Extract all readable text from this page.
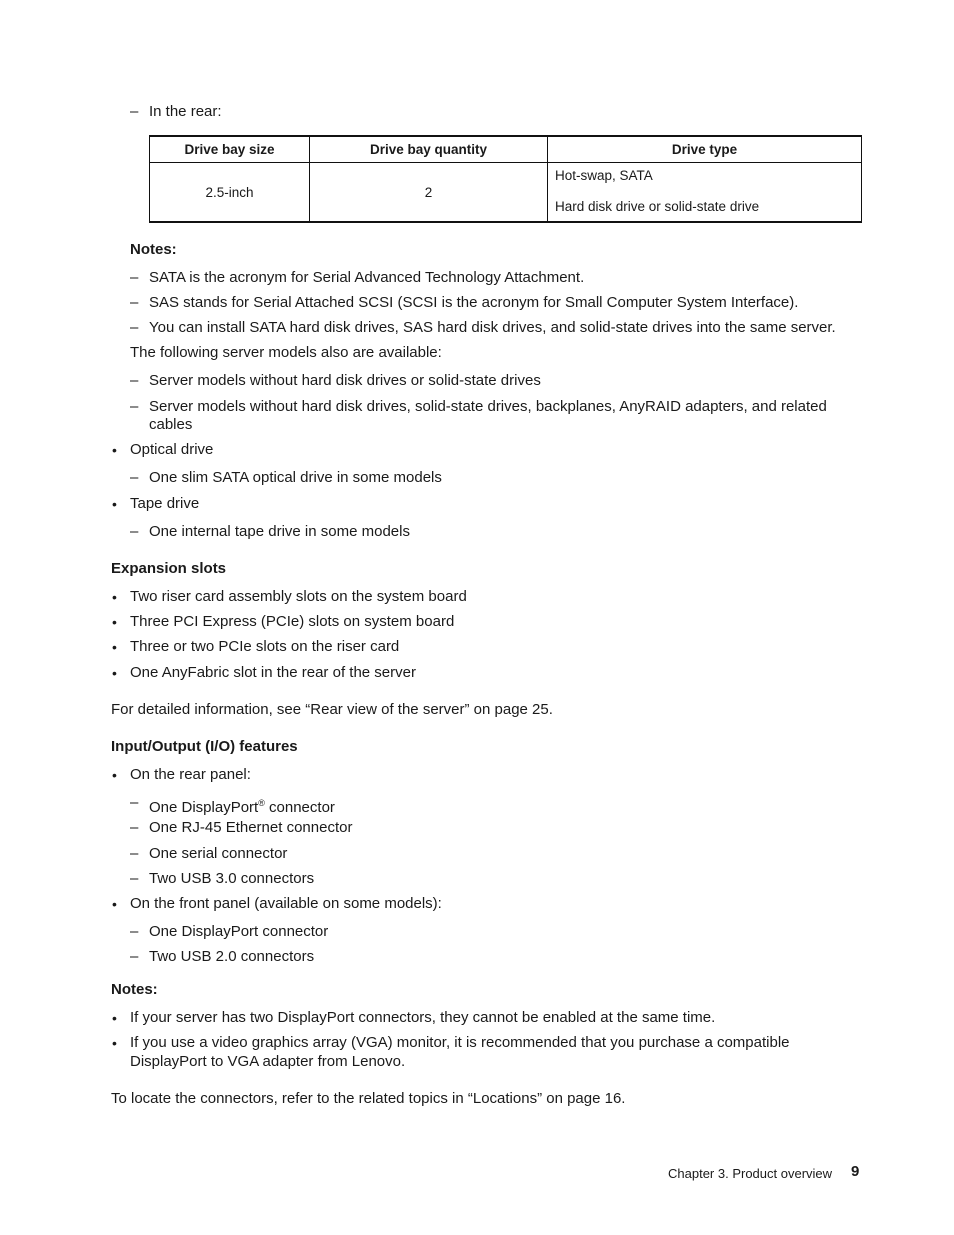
– In the rear:
Drive bay size	Drive bay quantity	Drive type
2.5-inch	2	Hot-swap, SATA
Hard disk drive or solid-state drive
Notes:
– SATA is the acronym for Serial Advanced Technology Attachment.
– SAS stands for Serial Attached SCSI (SCSI is the acronym for Small Computer System Interface).
– You can install SATA hard disk drives, SAS hard disk drives, and solid-state drives into the same server.
The following server models also are available:
– Server models without hard disk drives or solid-state drives
– Server models without hard disk drives, solid-state drives, backplanes, AnyRAID adapters, and related
cables
• Optical drive
– One slim SATA optical drive in some models
• Tape drive
– One internal tape drive in some models
Expansion slots
• Two riser card assembly slots on the system board
• Three PCI Express (PCIe) slots on system board
• Three or two PCIe slots on the riser card
• One AnyFabric slot in the rear of the server
For detailed information, see “Rear view of the server” on page 25.
Input/Output (I/O) features
• On the rear panel:
– One DisplayPort® connector
– One RJ-45 Ethernet connector
– One serial connector
– Two USB 3.0 connectors
• On the front panel (available on some models):
– One DisplayPort connector
– Two USB 2.0 connectors
Notes:
• If your server has two DisplayPort connectors, they cannot be enabled at the same time.
• If you use a video graphics array (VGA) monitor, it is recommended that you purchase a compatible
DisplayPort to VGA adapter from Lenovo.
To locate the connectors, refer to the related topics in “Locations” on page 16.
Chapter 3. Product overview 9
